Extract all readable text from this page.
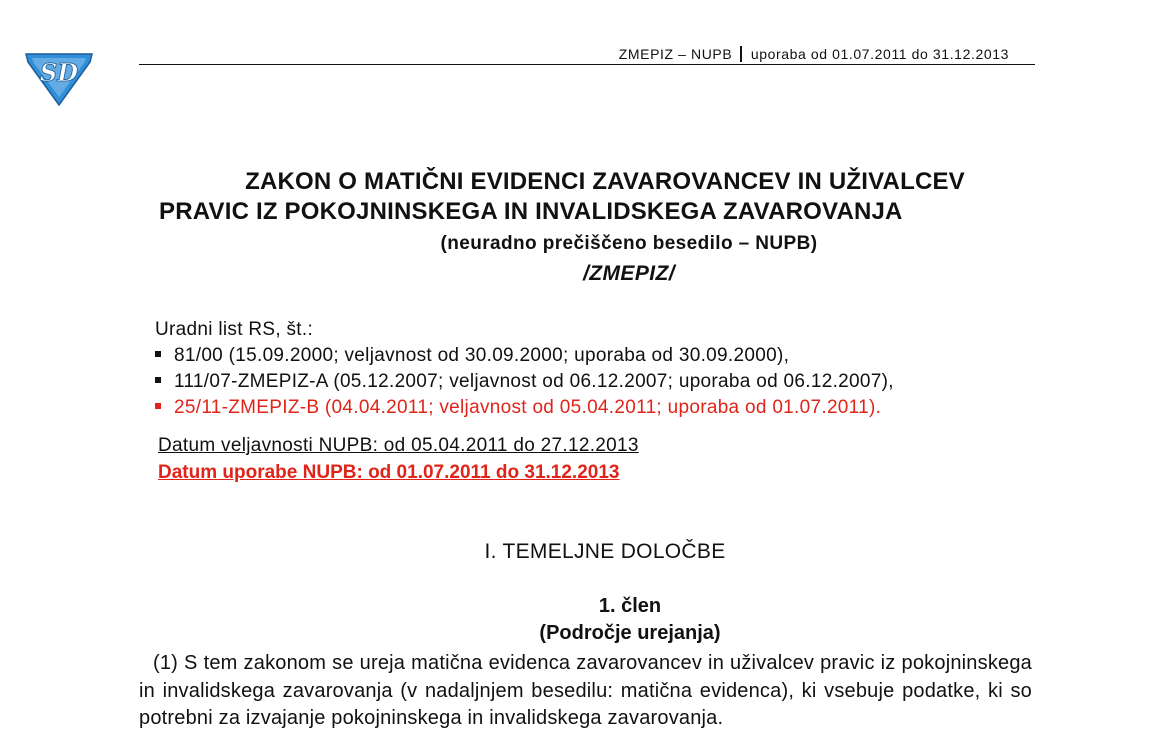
SD
ZMEPIZ – NUPB uporaba od 01.07.2011 do 31.12.2013
ZAKON O MATIČNI EVIDENCI ZAVAROVANCEV IN UŽIVALCEV
PRAVIC IZ POKOJNINSKEGA IN INVALIDSKEGA ZAVAROVANJA
(neuradno prečiščeno besedilo – NUPB)
/ZMEPIZ/
Uradni list RS, št.:
81/00 (15.09.2000; veljavnost od 30.09.2000; uporaba od 30.09.2000),
111/07-ZMEPIZ-A (05.12.2007; veljavnost od 06.12.2007; uporaba od 06.12.2007),
25/11-ZMEPIZ-B (04.04.2011; veljavnost od 05.04.2011; uporaba od 01.07.2011).
Datum veljavnosti NUPB: od 05.04.2011 do 27.12.2013
Datum uporabe NUPB: od 01.07.2011 do 31.12.2013
I. TEMELJNE DOLOČBE
1. člen
(Področje urejanja)
(1) S tem zakonom se ureja matična evidenca zavarovancev in uživalcev pravic iz pokojninskega in invalidskega zavarovanja (v nadaljnjem besedilu: matična evidenca), ki vsebuje podatke, ki so potrebni za izvajanje pokojninskega in invalidskega zavarovanja.
